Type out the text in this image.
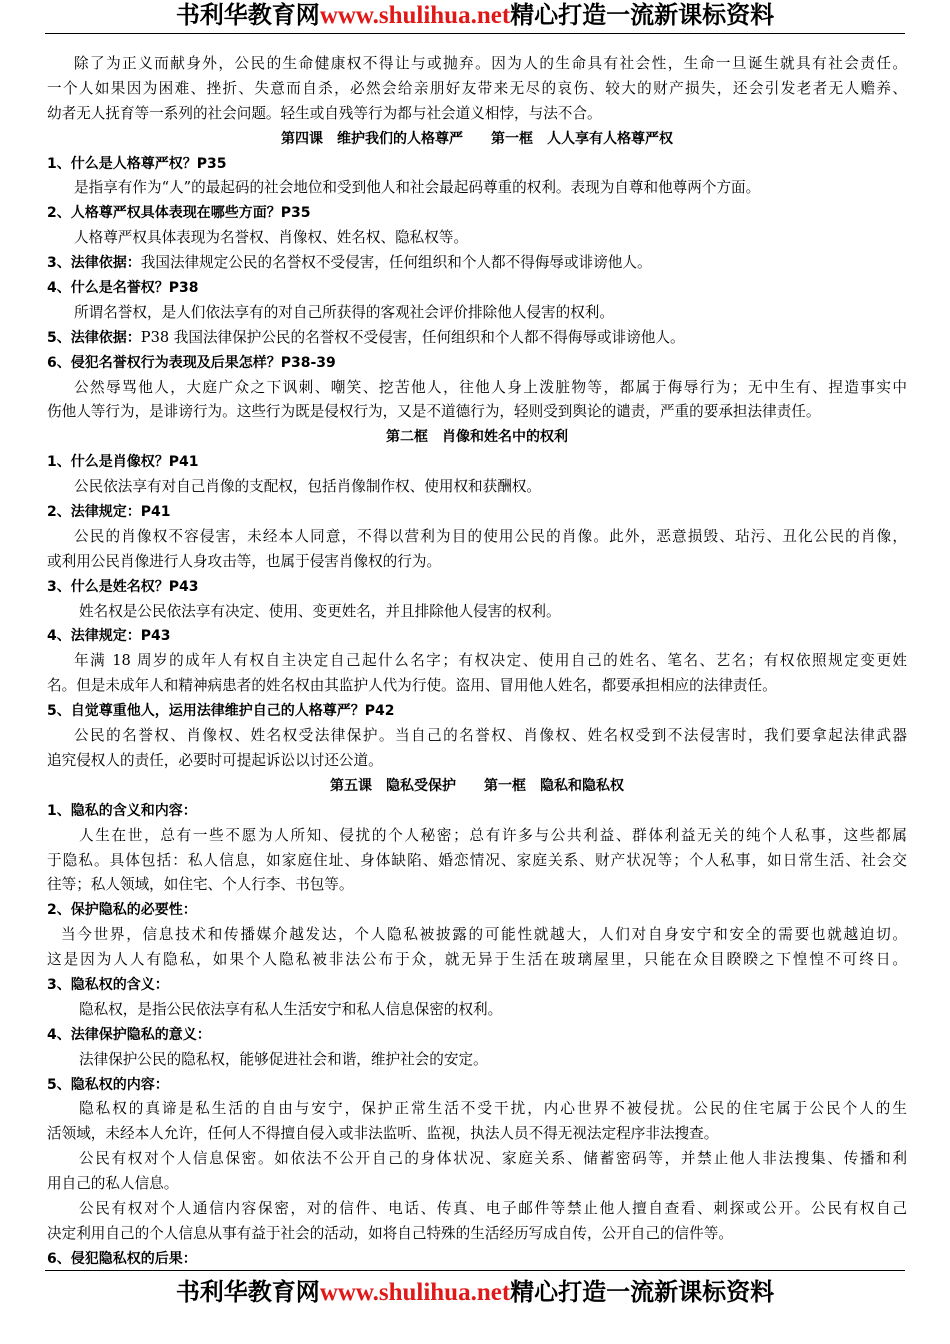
书利华教育网www.shulihua.net精心打造一流新课标资料
除了为正义而献身外，公民的生命健康权不得让与或抛弃。因为人的生命具有社会性，生命一旦诞生就具有社会责任。
一个人如果因为困难、挫折、失意而自杀，必然会给亲朋好友带来无尽的哀伤、较大的财产损失，还会引发老者无人赡养、
幼者无人抚育等一系列的社会问题。轻生或自残等行为都与社会道义相悖，与法不合。
第四课　维护我们的人格尊严　　第一框　人人享有人格尊严权
1、什么是人格尊严权？P35
是指享有作为“人”的最起码的社会地位和受到他人和社会最起码尊重的权利。表现为自尊和他尊两个方面。
2、人格尊严权具体表现在哪些方面？P35
人格尊严权具体表现为名誉权、肖像权、姓名权、隐私权等。
3、法律依据：我国法律规定公民的名誉权不受侵害，任何组织和个人都不得侮辱或诽谤他人。
4、什么是名誉权？P38
所谓名誉权，是人们依法享有的对自己所获得的客观社会评价排除他人侵害的权利。
5、法律依据：P38 我国法律保护公民的名誉权不受侵害，任何组织和个人都不得侮辱或诽谤他人。
6、侵犯名誉权行为表现及后果怎样？P38-39
公然辱骂他人，大庭广众之下讽刺、嘲笑、挖苦他人，往他人身上泼脏物等，都属于侮辱行为；无中生有、捏造事实中
伤他人等行为，是诽谤行为。这些行为既是侵权行为，又是不道德行为，轻则受到舆论的谴责，严重的要承担法律责任。
第二框　肖像和姓名中的权利
1、什么是肖像权？P41
公民依法享有对自己肖像的支配权，包括肖像制作权、使用权和获酬权。
2、法律规定：P41
公民的肖像权不容侵害，未经本人同意，不得以营利为目的使用公民的肖像。此外，恶意损毁、玷污、丑化公民的肖像，
或利用公民肖像进行人身攻击等，也属于侵害肖像权的行为。
3、什么是姓名权？P43
姓名权是公民依法享有决定、使用、变更姓名，并且排除他人侵害的权利。
4、法律规定：P43
年满 18 周岁的成年人有权自主决定自己起什么名字；有权决定、使用自己的姓名、笔名、艺名；有权依照规定变更姓
名。但是未成年人和精神病患者的姓名权由其监护人代为行使。盗用、冒用他人姓名，都要承担相应的法律责任。
5、自觉尊重他人，运用法律维护自己的人格尊严？P42
公民的名誉权、肖像权、姓名权受法律保护。当自己的名誉权、肖像权、姓名权受到不法侵害时，我们要拿起法律武器
追究侵权人的责任，必要时可提起诉讼以讨还公道。
第五课　隐私受保护　　第一框　隐私和隐私权
1、隐私的含义和内容：
人生在世，总有一些不愿为人所知、侵扰的个人秘密；总有许多与公共利益、群体利益无关的纯个人私事，这些都属
于隐私。具体包括：私人信息，如家庭住址、身体缺陷、婚恋情况、家庭关系、财产状况等；个人私事，如日常生活、社会交
往等；私人领域，如住宅、个人行李、书包等。
2、保护隐私的必要性：
当今世界，信息技术和传播媒介越发达，个人隐私被披露的可能性就越大，人们对自身安宁和安全的需要也就越迫切。
这是因为人人有隐私，如果个人隐私被非法公布于众，就无异于生活在玻璃屋里，只能在众目睽睽之下惶惶不可终日。
3、隐私权的含义：
隐私权，是指公民依法享有私人生活安宁和私人信息保密的权利。
4、法律保护隐私的意义：
法律保护公民的隐私权，能够促进社会和谐，维护社会的安定。
5、隐私权的内容：
隐私权的真谛是私生活的自由与安宁，保护正常生活不受干扰，内心世界不被侵扰。公民的住宅属于公民个人的生
活领域，未经本人允许，任何人不得擅自侵入或非法监听、监视，执法人员不得无视法定程序非法搜查。
公民有权对个人信息保密。如依法不公开自己的身体状况、家庭关系、储蓄密码等，并禁止他人非法搜集、传播和利
用自己的私人信息。
公民有权对个人通信内容保密，对的信件、电话、传真、电子邮件等禁止他人擅自查看、刺探或公开。公民有权自己
决定利用自己的个人信息从事有益于社会的活动，如将自己特殊的生活经历写成自传，公开自己的信件等。
6、侵犯隐私权的后果：
书利华教育网www.shulihua.net精心打造一流新课标资料
